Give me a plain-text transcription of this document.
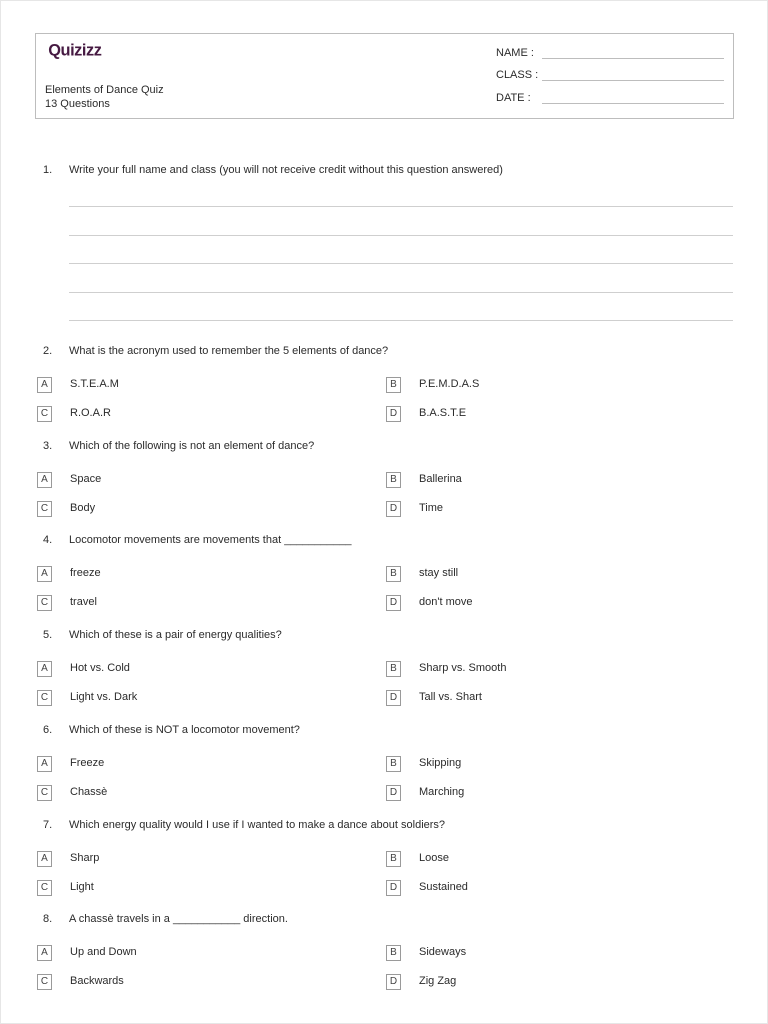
Quizizz
Elements of Dance Quiz
13 Questions
NAME :
CLASS :
DATE :
1. Write your full name and class (you will not receive credit without this question answered)
2. What is the acronym used to remember the 5 elements of dance?
A	S.T.E.A.M	B	P.E.M.D.A.S
C	R.O.A.R	D	B.A.S.T.E
3. Which of the following is not an element of dance?
A	Space	B	Ballerina
C	Body	D	Time
4. Locomotor movements are movements that ___________
A	freeze	B	stay still
C	travel	D	don't move
5. Which of these is a pair of energy qualities?
A	Hot vs. Cold	B	Sharp vs. Smooth
C	Light vs. Dark	D	Tall vs. Shart
6. Which of these is NOT a locomotor movement?
A	Freeze	B	Skipping
C	Chassè	D	Marching
7. Which energy quality would I use if I wanted to make a dance about soldiers?
A	Sharp	B	Loose
C	Light	D	Sustained
8. A chassè travels in a ___________ direction.
A	Up and Down	B	Sideways
C	Backwards	D	Zig Zag
